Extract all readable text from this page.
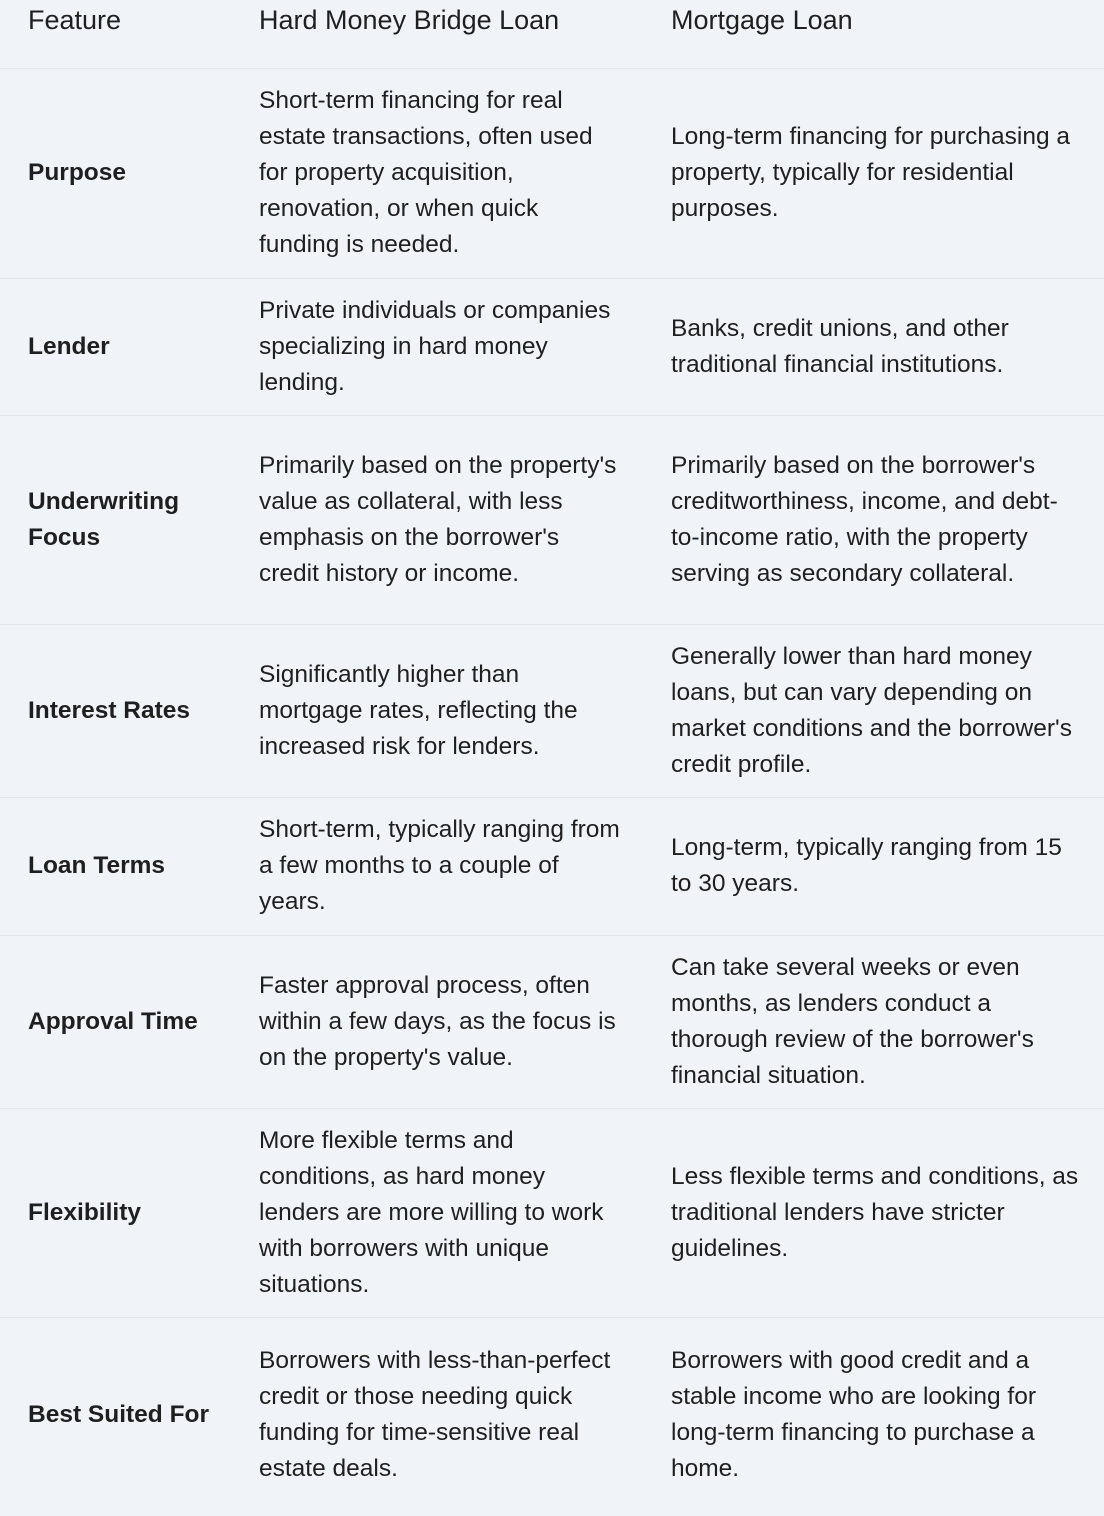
Feature	Hard Money Bridge Loan	Mortgage Loan
Purpose	Short-term financing for real estate transactions, often used for property acquisition, renovation, or when quick funding is needed.	Long-term financing for purchasing a property, typically for residential purposes.
Lender	Private individuals or companies specializing in hard money lending.	Banks, credit unions, and other traditional financial institutions.
Underwriting Focus	Primarily based on the property's value as collateral, with less emphasis on the borrower's credit history or income.	Primarily based on the borrower's creditworthiness, income, and debt-to-income ratio, with the property serving as secondary collateral.
Interest Rates	Significantly higher than mortgage rates, reflecting the increased risk for lenders.	Generally lower than hard money loans, but can vary depending on market conditions and the borrower's credit profile.
Loan Terms	Short-term, typically ranging from a few months to a couple of years.	Long-term, typically ranging from 15 to 30 years.
Approval Time	Faster approval process, often within a few days, as the focus is on the property's value.	Can take several weeks or even months, as lenders conduct a thorough review of the borrower's financial situation.
Flexibility	More flexible terms and conditions, as hard money lenders are more willing to work with borrowers with unique situations.	Less flexible terms and conditions, as traditional lenders have stricter guidelines.
Best Suited For	Borrowers with less-than-perfect credit or those needing quick funding for time-sensitive real estate deals.	Borrowers with good credit and a stable income who are looking for long-term financing to purchase a home.
